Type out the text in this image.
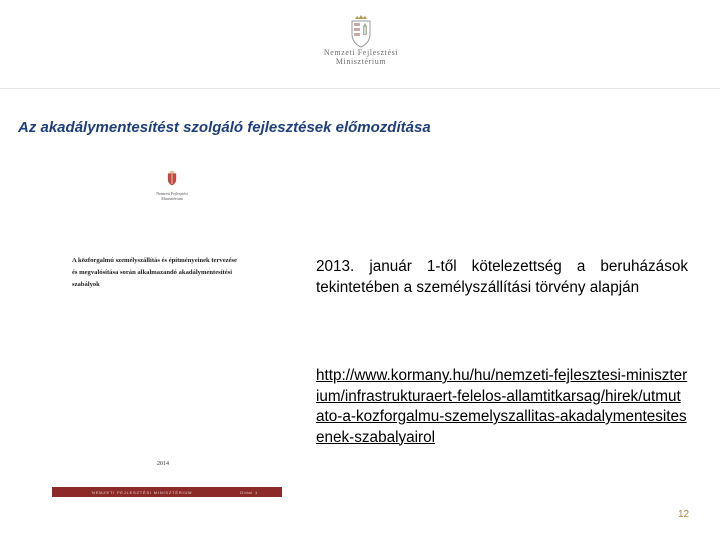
Nemzeti Fejlesztési
Minisztérium
Az akadálymentesítést szolgáló fejlesztések előmozdítása
Nemzeti Fejlesztési Minisztérium
A közforgalmú személyszállítás és építményeinek tervezése
és megvalósítása során alkalmazandó akadálymentesítési
szabályok
2014
NEMZETI FEJLESZTÉSI MINISZTÉRIUM	Oldal 1
2013. január 1-től kötelezettség a beruházások tekintetében a személyszállítási törvény alapján
http://www.kormany.hu/hu/nemzeti-fejlesztesi-miniszterium/infrastrukturaert-felelos-allamtitkarsag/hirek/utmutato-a-kozforgalmu-szemelyszallitas-akadalymentesitesenek-szabalyairol
12
